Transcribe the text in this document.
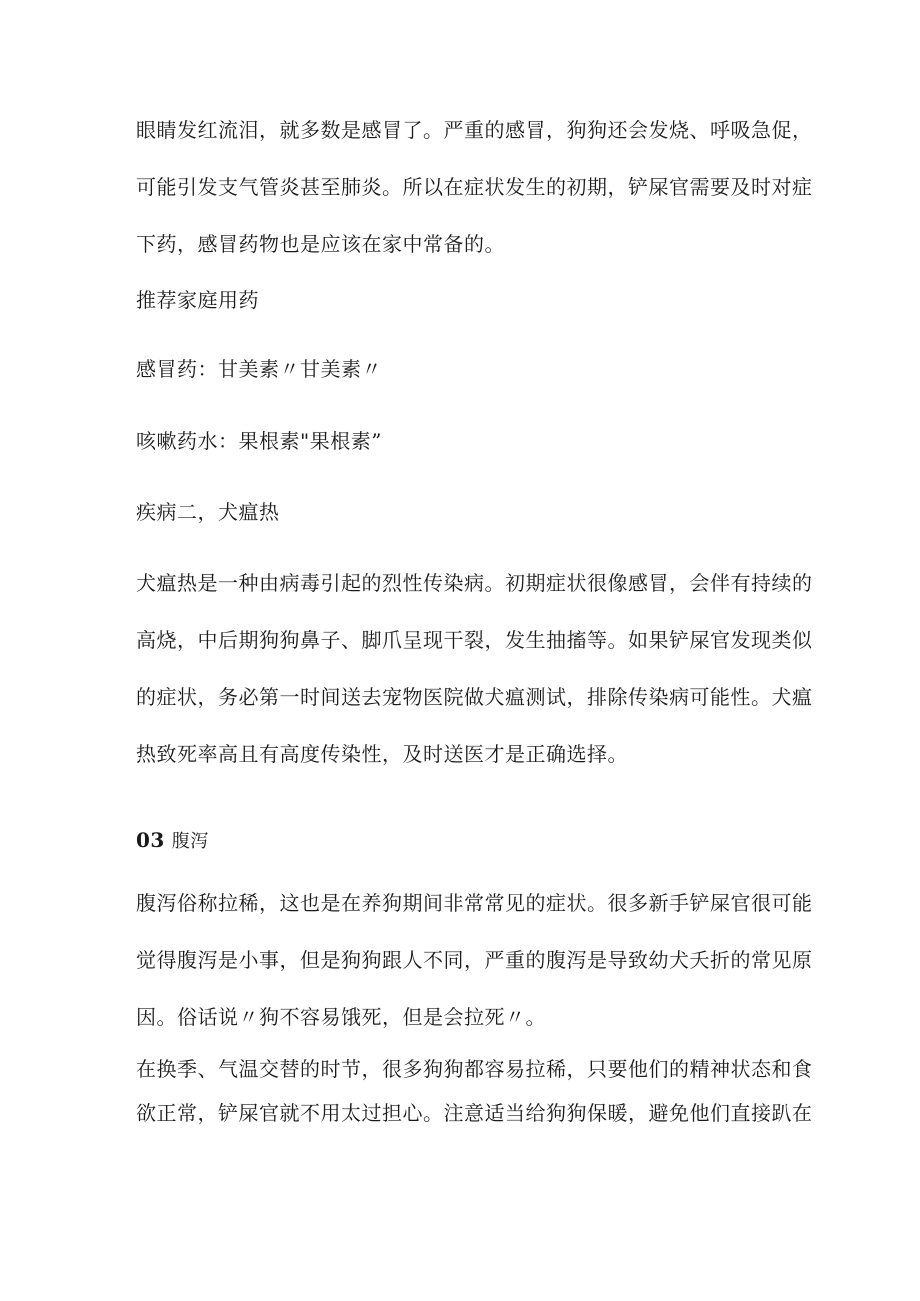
眼睛发红流泪，就多数是感冒了。严重的感冒，狗狗还会发烧、呼吸急促，
可能引发支气管炎甚至肺炎。所以在症状发生的初期，铲屎官需要及时对症
下药，感冒药物也是应该在家中常备的。
推荐家庭用药
感冒药：甘美素〃甘美素〃
咳嗽药水：果根素"果根素”
疾病二，犬瘟热
犬瘟热是一种由病毒引起的烈性传染病。初期症状很像感冒，会伴有持续的
高烧，中后期狗狗鼻子、脚爪呈现干裂，发生抽搐等。如果铲屎官发现类似
的症状，务必第一时间送去宠物医院做犬瘟测试，排除传染病可能性。犬瘟
热致死率高且有高度传染性，及时送医才是正确选择。
03 腹泻
腹泻俗称拉稀，这也是在养狗期间非常常见的症状。很多新手铲屎官很可能
觉得腹泻是小事，但是狗狗跟人不同，严重的腹泻是导致幼犬夭折的常见原
因。俗话说〃狗不容易饿死，但是会拉死〃。
在换季、气温交替的时节，很多狗狗都容易拉稀，只要他们的精神状态和食
欲正常，铲屎官就不用太过担心。注意适当给狗狗保暖，避免他们直接趴在
